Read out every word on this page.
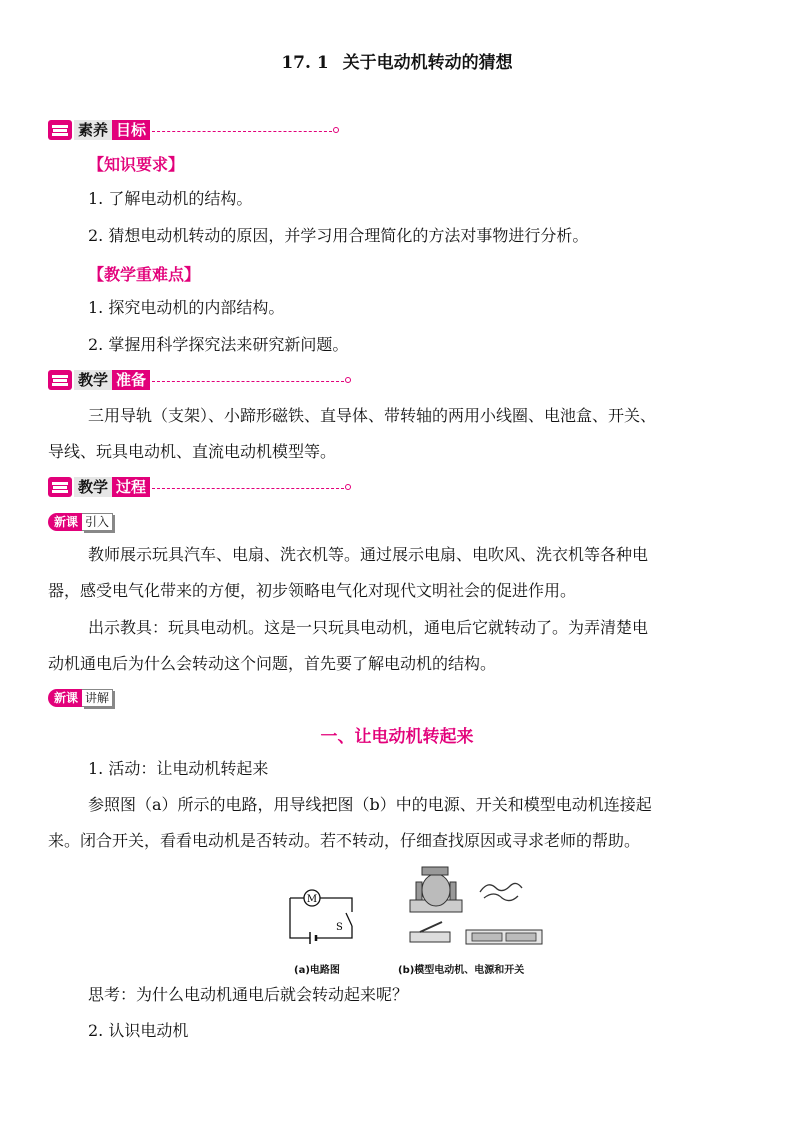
17. 1 关于电动机转动的猜想
素养 目标
【知识要求】
1. 了解电动机的结构。
2. 猜想电动机转动的原因，并学习用合理简化的方法对事物进行分析。
【教学重难点】
1. 探究电动机的内部结构。
2. 掌握用科学探究法来研究新问题。
教学 准备
三用导轨（支架）、小蹄形磁铁、直导体、带转轴的两用小线圈、电池盒、开关、
导线、玩具电动机、直流电动机模型等。
教学 过程
新课 引入
教师展示玩具汽车、电扇、洗衣机等。通过展示电扇、电吹风、洗衣机等各种电
器，感受电气化带来的方便，初步领略电气化对现代文明社会的促进作用。
出示教具：玩具电动机。这是一只玩具电动机，通电后它就转动了。为弄清楚电
动机通电后为什么会转动这个问题，首先要了解电动机的结构。
新课 讲解
一、让电动机转起来
1. 活动：让电动机转起来
参照图（a）所示的电路，用导线把图（b）中的电源、开关和模型电动机连接起
来。闭合开关，看看电动机是否转动。若不转动，仔细查找原因或寻求老师的帮助。
M
S
(a)电路图	(b)模型电动机、电源和开关
思考：为什么电动机通电后就会转动起来呢？
2. 认识电动机
